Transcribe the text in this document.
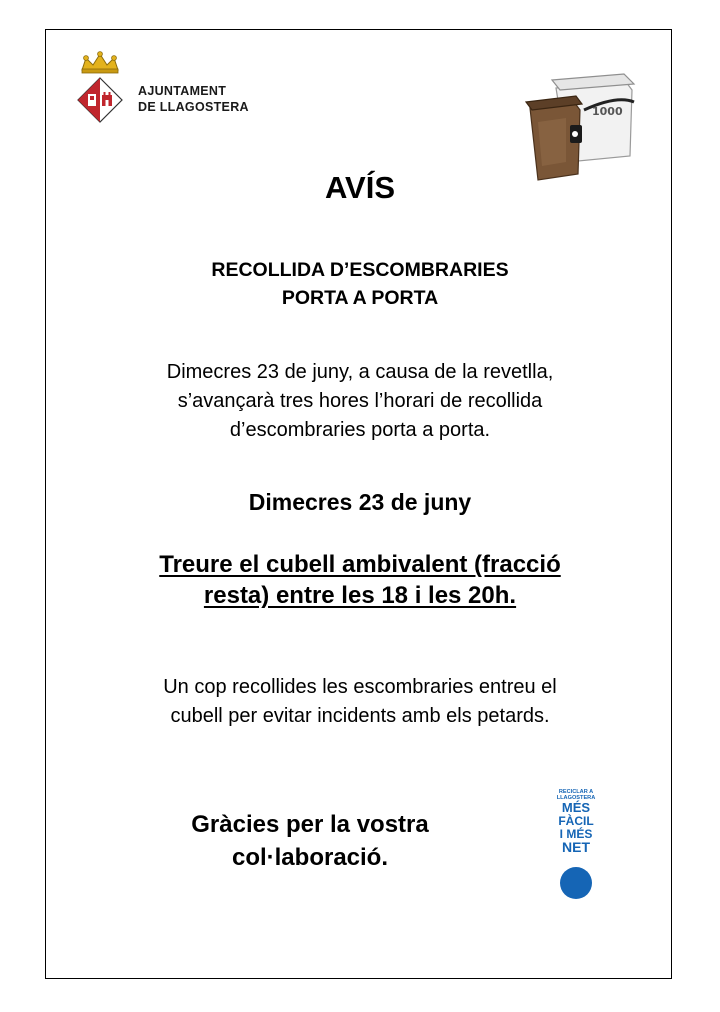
AJUNTAMENT
DE LLAGOSTERA	1000
AVÍS
RECOLLIDA D’ESCOMBRARIES
PORTA A PORTA
Dimecres 23 de juny, a causa de la revetlla,
s’avançarà tres hores l’horari de recollida
d’escombraries porta a porta.
Dimecres 23 de juny
Treure el cubell ambivalent (fracció
resta) entre les 18 i les 20h.
Un cop recollides les escombraries entreu el
cubell per evitar incidents amb els petards.
Gràcies per la vostra
col·laboració.
RECICLAR A
LLAGOSTERA
MÉS
FÀCIL
I MÉS
NET
